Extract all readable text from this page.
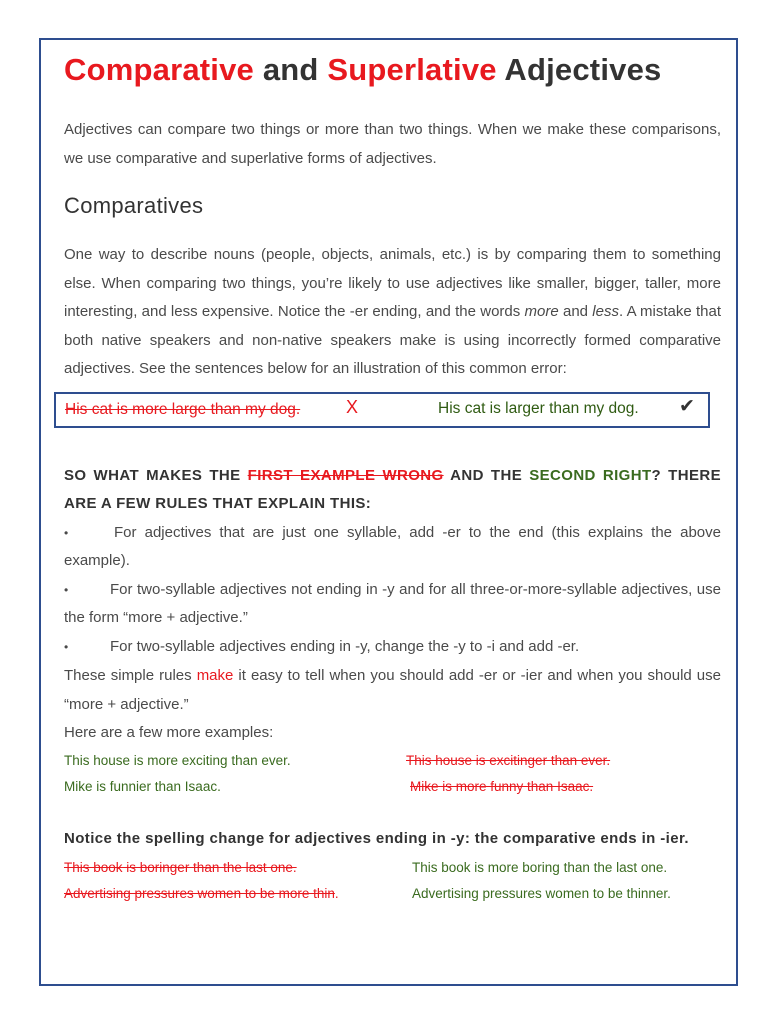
Comparative and Superlative Adjectives

Adjectives can compare two things or more than two things. When we make these comparisons, we use comparative and superlative forms of adjectives.

Comparatives

One way to describe nouns (people, objects, animals, etc.) is by comparing them to something else. When comparing two things, you’re likely to use adjectives like smaller, bigger, taller, more interesting, and less expensive. Notice the -er ending, and the words more and less. A mistake that both native speakers and non-native speakers make is using incorrectly formed comparative adjectives. See the sentences below for an illustration of this common error:

His cat is more large than my dog.	X	His cat is larger than my dog. ✔

SO WHAT MAKES THE FIRST EXAMPLE WRONG AND THE SECOND RIGHT? THERE ARE A FEW RULES THAT EXPLAIN THIS:

•	For adjectives that are just one syllable, add -er to the end (this explains the above example).

•	For two-syllable adjectives not ending in -y and for all three-or-more-syllable adjectives, use the form “more + adjective.”

•	For two-syllable adjectives ending in -y, change the -y to -i and add -er.

These simple rules make it easy to tell when you should add -er or -ier and when you should use “more + adjective.”

Here are a few more examples:

This house is more exciting than ever.	This house is excitinger than ever.
Mike is funnier than Isaac.	Mike is more funny than Isaac.

Notice the spelling change for adjectives ending in -y: the comparative ends in -ier.

This book is boringer than the last one.	This book is more boring than the last one.
Advertising pressures women to be more thin.	Advertising pressures women to be thinner.
